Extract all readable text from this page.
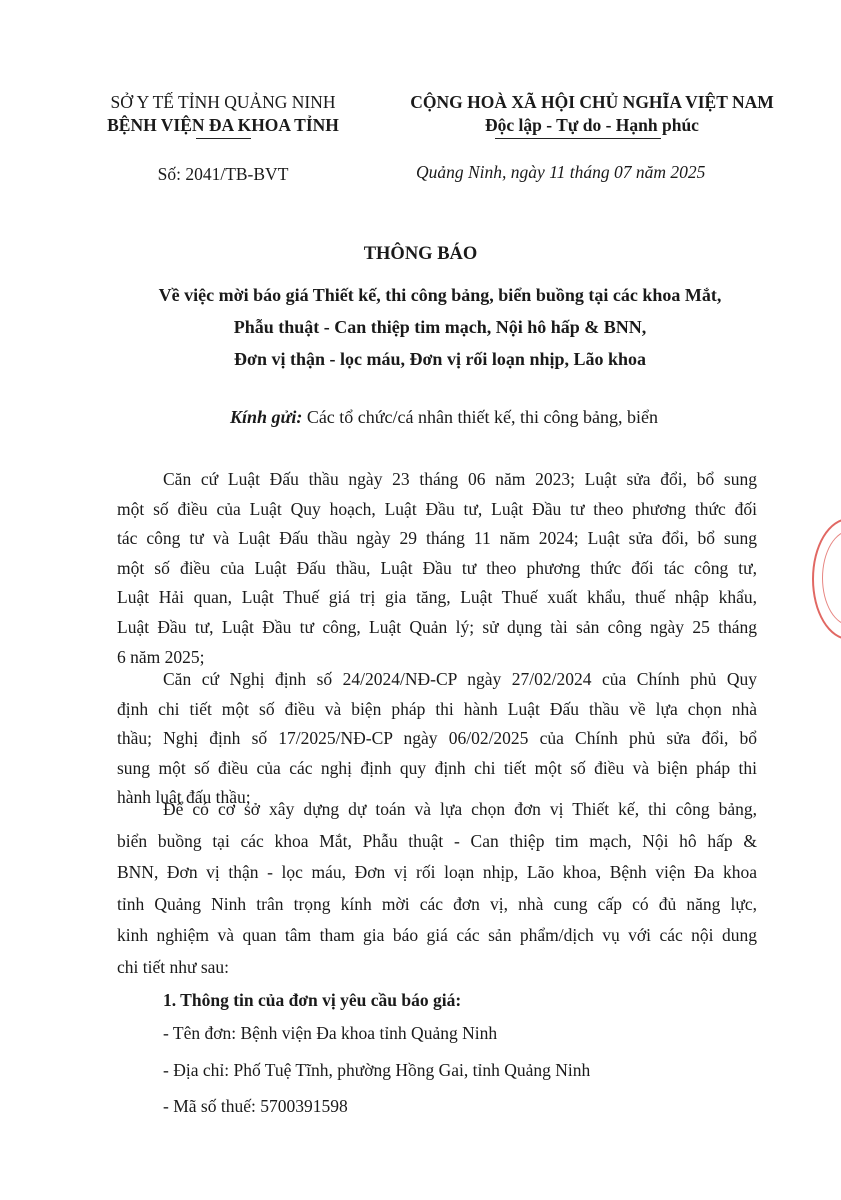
SỞ Y TẾ TỈNH QUẢNG NINH
BỆNH VIỆN ĐA KHOA TỈNH
CỘNG HOÀ XÃ HỘI CHỦ NGHĨA VIỆT NAM
Độc lập - Tự do - Hạnh phúc
Số: 2041/TB-BVT	Quảng Ninh, ngày 11 tháng 07 năm 2025
THÔNG BÁO
Về việc mời báo giá Thiết kế, thi công bảng, biển buồng tại các khoa Mắt,
Phẫu thuật - Can thiệp tim mạch, Nội hô hấp & BNN,
Đơn vị thận - lọc máu, Đơn vị rối loạn nhịp, Lão khoa
Kính gửi: Các tổ chức/cá nhân thiết kế, thi công bảng, biển
Căn cứ Luật Đấu thầu ngày 23 tháng 06 năm 2023; Luật sửa đổi, bổ sung
một số điều của Luật Quy hoạch, Luật Đầu tư, Luật Đầu tư theo phương thức đối
tác công tư và Luật Đấu thầu ngày 29 tháng 11 năm 2024; Luật sửa đổi, bổ sung
một số điều của Luật Đấu thầu, Luật Đầu tư theo phương thức đối tác công tư,
Luật Hải quan, Luật Thuế giá trị gia tăng, Luật Thuế xuất khẩu, thuế nhập khẩu,
Luật Đầu tư, Luật Đầu tư công, Luật Quản lý; sử dụng tài sản công ngày 25 tháng
6 năm 2025;
Căn cứ Nghị định số 24/2024/NĐ-CP ngày 27/02/2024 của Chính phủ Quy
định chi tiết một số điều và biện pháp thi hành Luật Đấu thầu về lựa chọn nhà
thầu; Nghị định số 17/2025/NĐ-CP ngày 06/02/2025 của Chính phủ sửa đổi, bổ
sung một số điều của các nghị định quy định chi tiết một số điều và biện pháp thi
hành luật đấu thầu;
Để có cơ sở xây dựng dự toán và lựa chọn đơn vị Thiết kế, thi công bảng,
biển buồng tại các khoa Mắt, Phẫu thuật - Can thiệp tim mạch, Nội hô hấp &
BNN, Đơn vị thận - lọc máu, Đơn vị rối loạn nhịp, Lão khoa, Bệnh viện Đa khoa
tỉnh Quảng Ninh trân trọng kính mời các đơn vị, nhà cung cấp có đủ năng lực,
kinh nghiệm và quan tâm tham gia báo giá các sản phẩm/dịch vụ với các nội dung
chi tiết như sau:
1. Thông tin của đơn vị yêu cầu báo giá:
- Tên đơn: Bệnh viện Đa khoa tỉnh Quảng Ninh
- Địa chỉ: Phố Tuệ Tĩnh, phường Hồng Gai, tỉnh Quảng Ninh
- Mã số thuế: 5700391598
